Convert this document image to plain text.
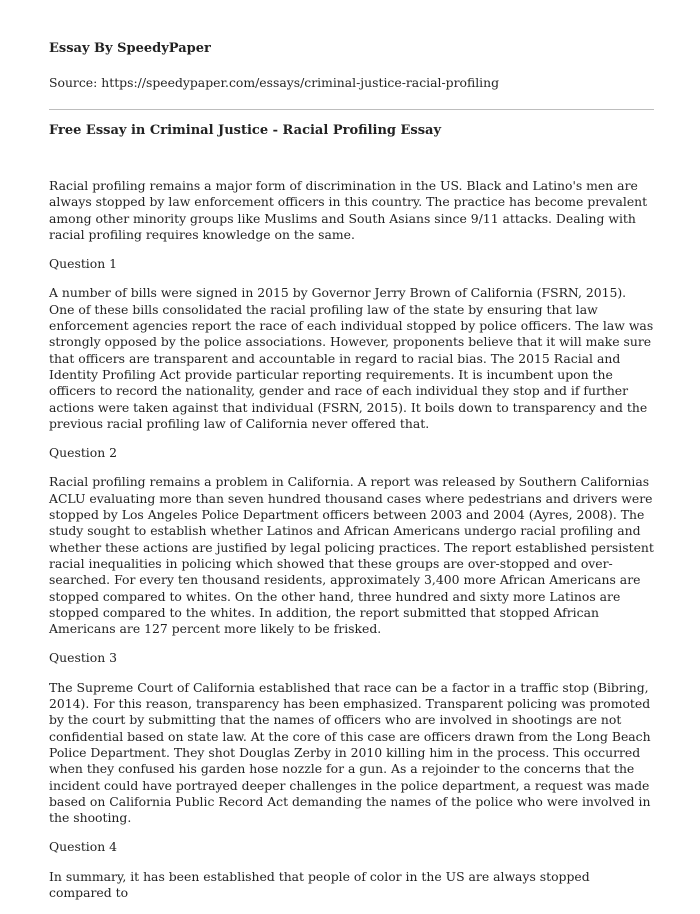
Essay By SpeedyPaper
Source: https://speedypaper.com/essays/criminal-justice-racial-profiling
Free Essay in Criminal Justice - Racial Profiling Essay

Racial profiling remains a major form of discrimination in the US. Black and Latino's men are always stopped by law enforcement officers in this country. The practice has become prevalent among other minority groups like Muslims and South Asians since 9/11 attacks. Dealing with racial profiling requires knowledge on the same.

Question 1

A number of bills were signed in 2015 by Governor Jerry Brown of California (FSRN, 2015). One of these bills consolidated the racial profiling law of the state by ensuring that law enforcement agencies report the race of each individual stopped by police officers. The law was strongly opposed by the police associations. However, proponents believe that it will make sure that officers are transparent and accountable in regard to racial bias. The 2015 Racial and Identity Profiling Act provide particular reporting requirements. It is incumbent upon the officers to record the nationality, gender and race of each individual they stop and if further actions were taken against that individual (FSRN, 2015). It boils down to transparency and the previous racial profiling law of California never offered that.

Question 2

Racial profiling remains a problem in California. A report was released by Southern Californias ACLU evaluating more than seven hundred thousand cases where pedestrians and drivers were stopped by Los Angeles Police Department officers between 2003 and 2004 (Ayres, 2008). The study sought to establish whether Latinos and African Americans undergo racial profiling and whether these actions are justified by legal policing practices. The report established persistent racial inequalities in policing which showed that these groups are over-stopped and over-searched. For every ten thousand residents, approximately 3,400 more African Americans are stopped compared to whites. On the other hand, three hundred and sixty more Latinos are stopped compared to the whites. In addition, the report submitted that stopped African Americans are 127 percent more likely to be frisked.

Question 3

The Supreme Court of California established that race can be a factor in a traffic stop (Bibring, 2014). For this reason, transparency has been emphasized. Transparent policing was promoted by the court by submitting that the names of officers who are involved in shootings are not confidential based on state law. At the core of this case are officers drawn from the Long Beach Police Department. They shot Douglas Zerby in 2010 killing him in the process. This occurred when they confused his garden hose nozzle for a gun. As a rejoinder to the concerns that the incident could have portrayed deeper challenges in the police department, a request was made based on California Public Record Act demanding the names of the police who were involved in the shooting.

Question 4

In summary, it has been established that people of color in the US are always stopped compared to
